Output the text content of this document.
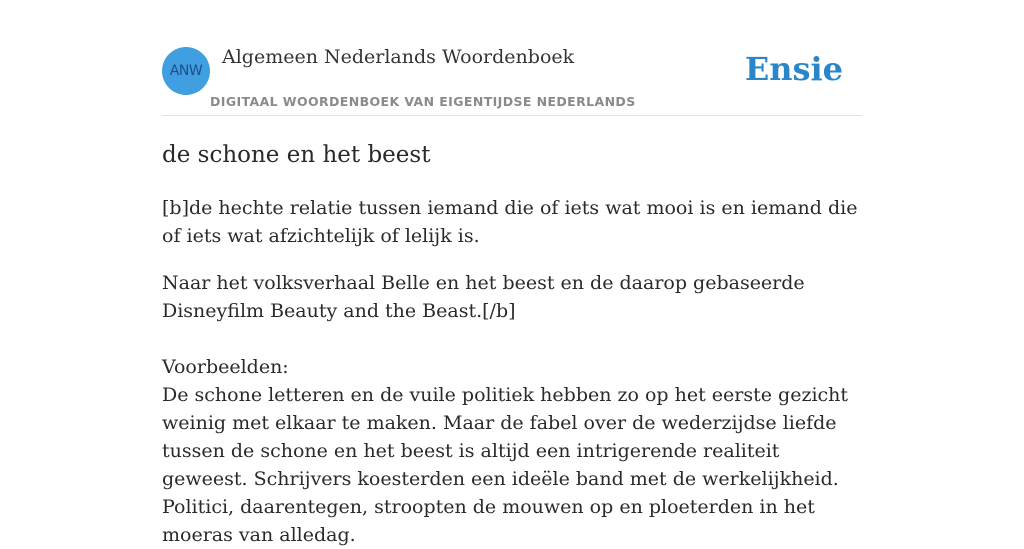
ANW
Algemeen Nederlands Woordenboek
DIGITAAL WOORDENBOEK VAN EIGENTIJDSE NEDERLANDS
Ensie
de schone en het beest

[b]de hechte relatie tussen iemand die of iets wat mooi is en iemand die of iets wat afzichtelijk of lelijk is.

Naar het volksverhaal Belle en het beest en de daarop gebaseerde Disneyfilm Beauty and the Beast.[/b]

Voorbeelden:

De schone letteren en de vuile politiek hebben zo op het eerste gezicht weinig met elkaar te maken. Maar de fabel over de wederzijdse liefde tussen de schone en het beest is altijd een intrigerende realiteit geweest. Schrijvers koesterden een ideële band met de werkelijkheid. Politici, daarentegen, stroopten de mouwen op en ploeterden in het moeras van alledag.
